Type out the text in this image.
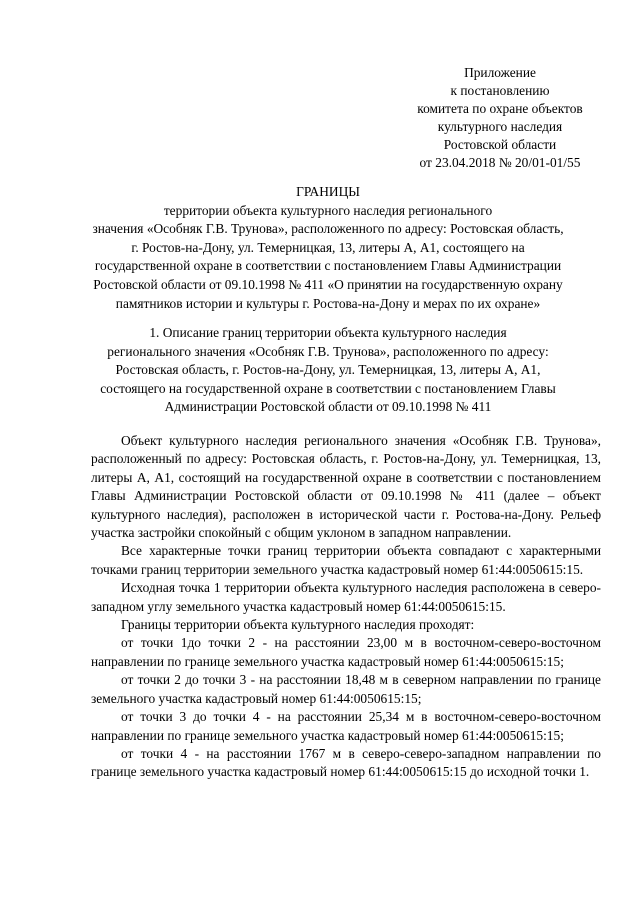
Приложение
к постановлению
комитета по охране объектов
культурного наследия
Ростовской области
от 23.04.2018 № 20/01-01/55
ГРАНИЦЫ
территории объекта культурного наследия регионального
значения «Особняк Г.В. Трунова», расположенного по адресу: Ростовская область,
г. Ростов-на-Дону, ул. Темерницкая, 13, литеры А, А1, состоящего на
государственной охране в соответствии с постановлением Главы Администрации
Ростовской области от 09.10.1998 № 411 «О принятии на государственную охрану
памятников истории и культуры г. Ростова-на-Дону и мерах по их охране»
1. Описание границ территории объекта культурного наследия
регионального значения «Особняк Г.В. Трунова», расположенного по адресу:
Ростовская область, г. Ростов-на-Дону, ул. Темерницкая, 13, литеры А, А1,
состоящего на государственной охране в соответствии с постановлением Главы
Администрации Ростовской области от 09.10.1998 № 411

Объект культурного наследия регионального значения «Особняк Г.В. Трунова», расположенный по адресу: Ростовская область, г. Ростов-на-Дону, ул. Темерницкая, 13, литеры А, А1, состоящий на государственной охране в соответствии с постановлением Главы Администрации Ростовской области от 09.10.1998 № 411 (далее – объект культурного наследия), расположен в исторической части г. Ростова-на-Дону. Рельеф участка застройки спокойный с общим уклоном в западном направлении.

Все характерные точки границ территории объекта совпадают с характерными точками границ территории земельного участка кадастровый номер 61:44:0050615:15.

Исходная точка 1 территории объекта культурного наследия расположена в северо-западном углу земельного участка кадастровый номер 61:44:0050615:15.

Границы территории объекта культурного наследия проходят:

от точки 1до точки 2 - на расстоянии 23,00 м в восточном-северо-восточном направлении по границе земельного участка кадастровый номер 61:44:0050615:15;

от точки 2 до точки 3 - на расстоянии 18,48 м в северном направлении по границе земельного участка кадастровый номер 61:44:0050615:15;

от точки 3 до точки 4 - на расстоянии 25,34 м в восточном-северо-восточном направлении по границе земельного участка кадастровый номер 61:44:0050615:15;

от точки 4 - на расстоянии 1767 м в северо-северо-западном направлении по границе земельного участка кадастровый номер 61:44:0050615:15 до исходной точки 1.
